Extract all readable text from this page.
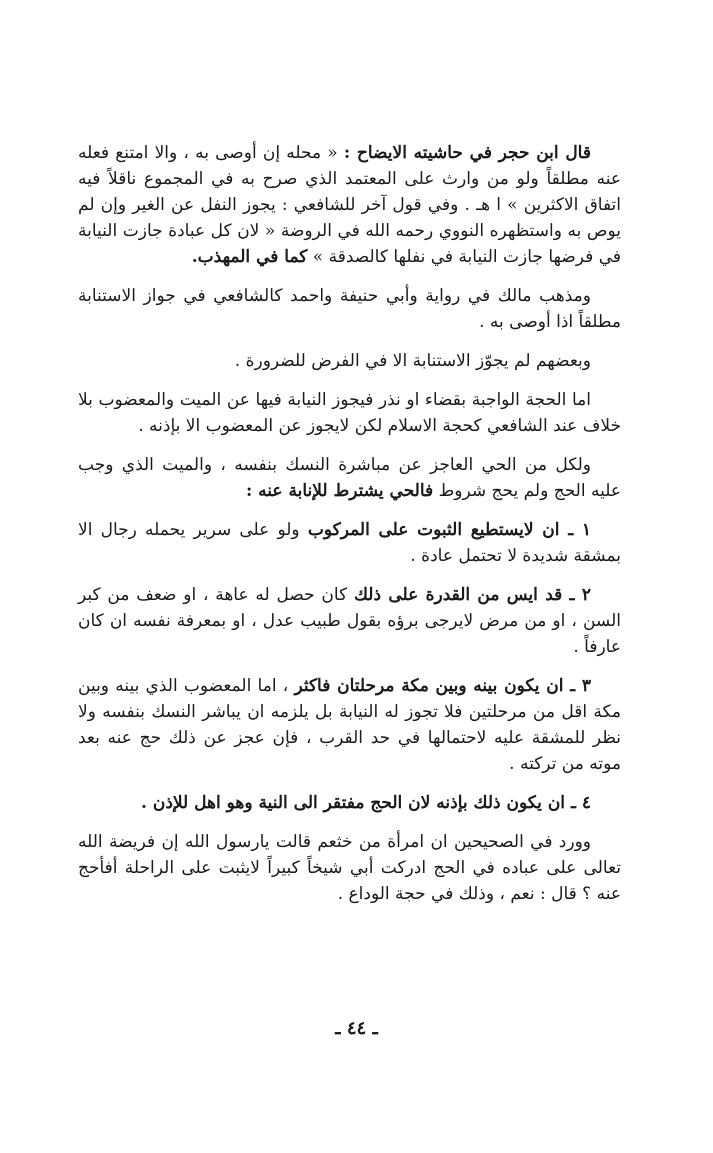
قال ابن حجر في حاشيته الايضاح : « محله إن أوصى به ، والا امتنع فعله عنه مطلقاً ولو من وارث على المعتمد الذي صرح به في المجموع ناقلاً فيه اتفاق الاكثرين » ا هـ . وفي قول آخر للشافعي : يجوز النفل عن الغير وإن لم يوص به واستظهره النووي رحمه الله في الروضة « لان كل عبادة جازت النيابة في فرضها جازت النيابة في نفلها كالصدقة » كما في المهذب.

ومذهب مالك في رواية وأبي حنيفة واحمد كالشافعي في جواز الاستنابة مطلقاً اذا أوصى به .

وبعضهم لم يجوّز الاستنابة الا في الفرض للضرورة .

اما الحجة الواجبة بقضاء او نذر فيجوز النيابة فيها عن الميت والمعضوب بلا خلاف عند الشافعي كحجة الاسلام لكن لايجوز عن المعضوب الا بإذنه .

ولكل من الحي العاجز عن مباشرة النسك بنفسه ، والميت الذي وجب عليه الحج ولم يحج شروط فالحي يشترط للإنابة عنه :

١ ـ ان لايستطيع الثبوت على المركوب ولو على سرير يحمله رجال الا بمشقة شديدة لا تحتمل عادة .

٢ ـ قد ايس من القدرة على ذلك كان حصل له عاهة ، او ضعف من كبر السن ، او من مرض لايرجى برؤه بقول طبيب عدل ، او بمعرفة نفسه ان كان عارفاً .

٣ ـ ان يكون بينه وبين مكة مرحلتان فاكثر ، اما المعضوب الذي بينه وبين مكة اقل من مرحلتين فلا تجوز له النيابة بل يلزمه ان يباشر النسك بنفسه ولا نظر للمشقة عليه لاحتمالها في حد القرب ، فإن عجز عن ذلك حج عنه بعد موته من تركته .

٤ ـ ان يكون ذلك بإذنه لان الحج مفتقر الى النية وهو اهل للإذن .

وورد في الصحيحين ان امرأة من خثعم قالت يارسول الله إن فريضة الله تعالى على عباده في الحج ادركت أبي شيخاً كبيراً لايثبت على الراحلة أفأحج عنه ؟ قال : نعم ، وذلك في حجة الوداع .

ـ ٤٤ ـ
